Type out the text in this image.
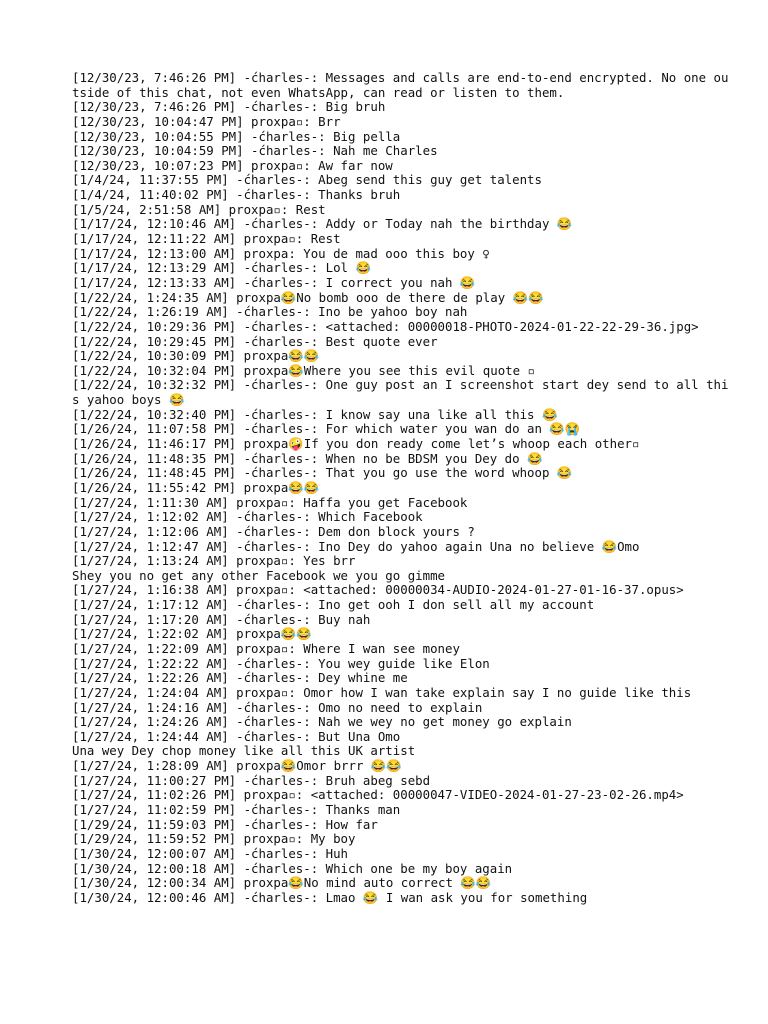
[12/30/23, 7:46:26 PM] -ćharles-: Messages and calls are end-to-end encrypted. No one outside of this chat, not even WhatsApp, can read or listen to them.

[12/30/23, 7:46:26 PM] -ćharles-: Big bruh

[12/30/23, 10:04:47 PM] proxpa▫: Brr

[12/30/23, 10:04:55 PM] -ćharles-: Big pella

[12/30/23, 10:04:59 PM] -ćharles-: Nah me Charles

[12/30/23, 10:07:23 PM] proxpa▫: Aw far now

[1/4/24, 11:37:55 PM] -ćharles-: Abeg send this guy get talents

[1/4/24, 11:40:02 PM] -ćharles-: Thanks bruh

[1/5/24, 2:51:58 AM] proxpa▫: Rest

[1/17/24, 12:10:46 AM] -ćharles-: Addy or Today nah the birthday 😂

[1/17/24, 12:11:22 AM] proxpa▫: Rest

[1/17/24, 12:13:00 AM] proxpa: You de mad ooo this boy ♀

[1/17/24, 12:13:29 AM] -ćharles-: Lol 😂

[1/17/24, 12:13:33 AM] -ćharles-: I correct you nah 😂

[1/22/24, 1:24:35 AM] proxpa😂No bomb ooo de there de play 😂😂

[1/22/24, 1:26:19 AM] -ćharles-: Ino be yahoo boy nah

[1/22/24, 10:29:36 PM] -ćharles-: <attached: 00000018-PHOTO-2024-01-22-22-29-36.jpg>

[1/22/24, 10:29:45 PM] -ćharles-: Best quote ever

[1/22/24, 10:30:09 PM] proxpa😂😂

[1/22/24, 10:32:04 PM] proxpa😂Where you see this evil quote ▫

[1/22/24, 10:32:32 PM] -ćharles-: One guy post an I screenshot start dey send to all this yahoo boys 😂

[1/22/24, 10:32:40 PM] -ćharles-: I know say una like all this 😂

[1/26/24, 11:07:58 PM] -ćharles-: For which water you wan do an 😂😭

[1/26/24, 11:46:17 PM] proxpa🤪If you don ready come let’s whoop each other▫

[1/26/24, 11:48:35 PM] -ćharles-: When no be BDSM you Dey do 😂

[1/26/24, 11:48:45 PM] -ćharles-: That you go use the word whoop 😂

[1/26/24, 11:55:42 PM] proxpa😂😂

[1/27/24, 1:11:30 AM] proxpa▫: Haffa you get Facebook

[1/27/24, 1:12:02 AM] -ćharles-: Which Facebook

[1/27/24, 1:12:06 AM] -ćharles-: Dem don block yours ?

[1/27/24, 1:12:47 AM] -ćharles-: Ino Dey do yahoo again Una no believe 😂Omo

[1/27/24, 1:13:24 AM] proxpa▫: Yes brr

Shey you no get any other Facebook we you go gimme

[1/27/24, 1:16:38 AM] proxpa▫: <attached: 00000034-AUDIO-2024-01-27-01-16-37.opus>

[1/27/24, 1:17:12 AM] -ćharles-: Ino get ooh I don sell all my account

[1/27/24, 1:17:20 AM] -ćharles-: Buy nah

[1/27/24, 1:22:02 AM] proxpa😂😂

[1/27/24, 1:22:09 AM] proxpa▫: Where I wan see money

[1/27/24, 1:22:22 AM] -ćharles-: You wey guide like Elon

[1/27/24, 1:22:26 AM] -ćharles-: Dey whine me

[1/27/24, 1:24:04 AM] proxpa▫: Omor how I wan take explain say I no guide like this

[1/27/24, 1:24:16 AM] -ćharles-: Omo no need to explain

[1/27/24, 1:24:26 AM] -ćharles-: Nah we wey no get money go explain

[1/27/24, 1:24:44 AM] -ćharles-: But Una Omo

Una wey Dey chop money like all this UK artist

[1/27/24, 1:28:09 AM] proxpa😂Omor brrr 😂😂

[1/27/24, 11:00:27 PM] -ćharles-: Bruh abeg sebd

[1/27/24, 11:02:26 PM] proxpa▫: <attached: 00000047-VIDEO-2024-01-27-23-02-26.mp4>

[1/27/24, 11:02:59 PM] -ćharles-: Thanks man

[1/29/24, 11:59:03 PM] -ćharles-: How far

[1/29/24, 11:59:52 PM] proxpa▫: My boy

[1/30/24, 12:00:07 AM] -ćharles-: Huh

[1/30/24, 12:00:18 AM] -ćharles-: Which one be my boy again

[1/30/24, 12:00:34 AM] proxpa😂No mind auto correct 😂😂

[1/30/24, 12:00:46 AM] -ćharles-: Lmao 😂 I wan ask you for something
